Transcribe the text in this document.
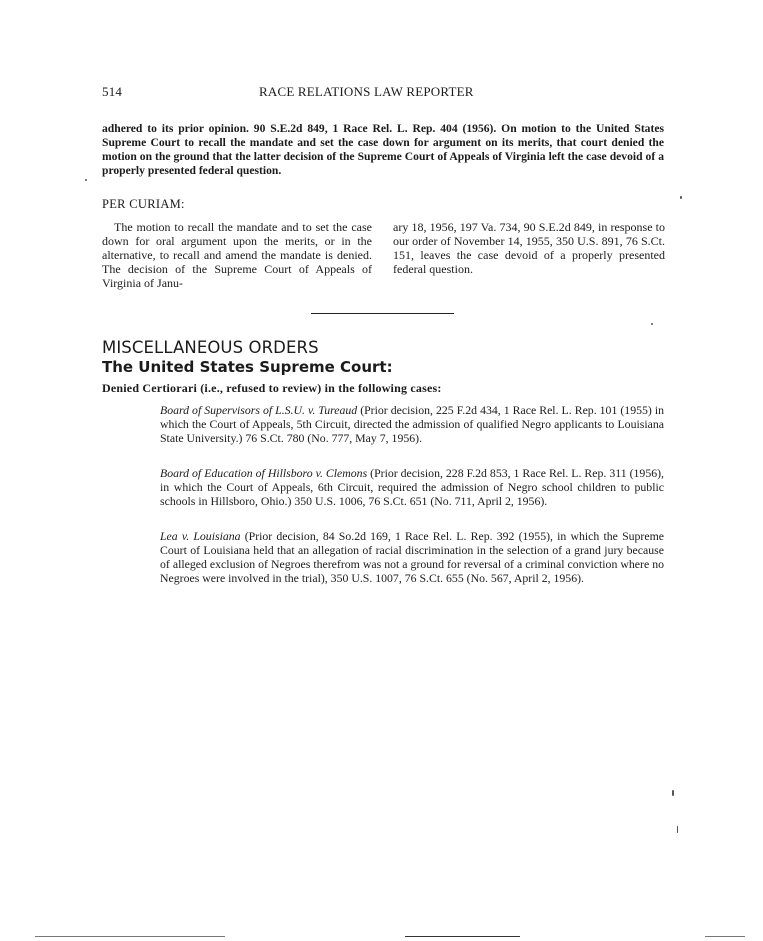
514	RACE RELATIONS LAW REPORTER

adhered to its prior opinion. 90 S.E.2d 849, 1 Race Rel. L. Rep. 404 (1956). On motion to the United States Supreme Court to recall the mandate and set the case down for argument on its merits, that court denied the motion on the ground that the latter decision of the Supreme Court of Appeals of Virginia left the case devoid of a properly presented federal question.

PER CURIAM:

The motion to recall the mandate and to set the case down for oral argument upon the merits, or in the alternative, to recall and amend the mandate is denied. The decision of the Supreme Court of Appeals of Virginia of Janu-

ary 18, 1956, 197 Va. 734, 90 S.E.2d 849, in response to our order of November 14, 1955, 350 U.S. 891, 76 S.Ct. 151, leaves the case devoid of a properly presented federal question.

MISCELLANEOUS ORDERS
The United States Supreme Court:

Denied Certiorari (i.e., refused to review) in the following cases:

Board of Supervisors of L.S.U. v. Tureaud (Prior decision, 225 F.2d 434, 1 Race Rel. L. Rep. 101 (1955) in which the Court of Appeals, 5th Circuit, directed the admission of qualified Negro applicants to Louisiana State University.) 76 S.Ct. 780 (No. 777, May 7, 1956).

Board of Education of Hillsboro v. Clemons (Prior decision, 228 F.2d 853, 1 Race Rel. L. Rep. 311 (1956), in which the Court of Appeals, 6th Circuit, required the admission of Negro school children to public schools in Hillsboro, Ohio.) 350 U.S. 1006, 76 S.Ct. 651 (No. 711, April 2, 1956).

Lea v. Louisiana (Prior decision, 84 So.2d 169, 1 Race Rel. L. Rep. 392 (1955), in which the Supreme Court of Louisiana held that an allegation of racial discrimination in the selection of a grand jury because of alleged exclusion of Negroes therefrom was not a ground for reversal of a criminal conviction where no Negroes were involved in the trial), 350 U.S. 1007, 76 S.Ct. 655 (No. 567, April 2, 1956).
